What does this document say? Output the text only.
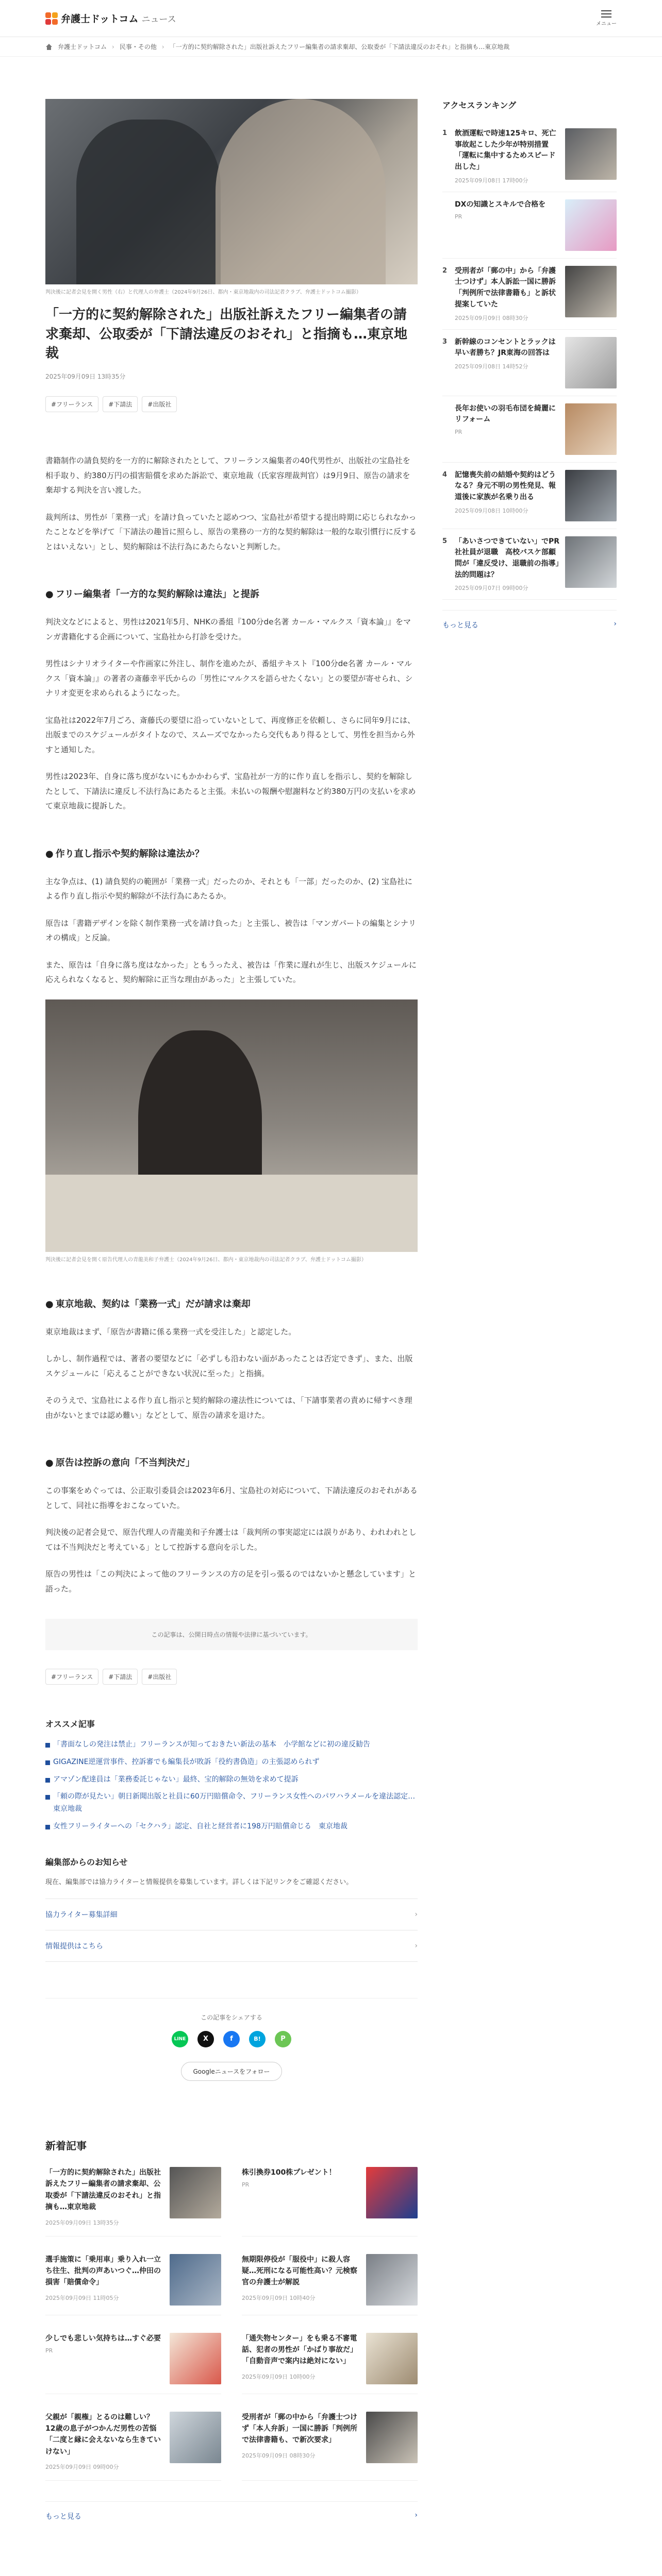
弁護士ドットコム ニュース	メニュー
弁護士ドットコム › 民事・その他 › 「一方的に契約解除された」出版社訴えたフリー編集者の請求棄却、公取委が「下請法違反のおそれ」と指摘も…東京地裁

判決後に記者会見を開く男性（右）と代理人の弁護士（2024年9月26日、都内・東京地裁内の司法記者クラブ、弁護士ドットコム撮影）

「一方的に契約解除された」出版社訴えたフリー編集者の請求棄却、公取委が「下請法違反のおそれ」と指摘も…東京地裁
2025年09月09日 13時35分
#フリーランス	#下請法	#出版社

書籍制作の請負契約を一方的に解除されたとして、フリーランス編集者の40代男性が、出版社の宝島社を相手取り、約380万円の損害賠償を求めた訴訟で、東京地裁（氏家容理裁判官）は9月9日、原告の請求を棄却する判決を言い渡した。

裁判所は、男性が「業務一式」を請け負っていたと認めつつ、宝島社が希望する提出時期に応じられなかったことなどを挙げて「下請法の趣旨に照らし、原告の業務の一方的な契約解除は一般的な取引慣行に反するとはいえない」とし、契約解除は不法行為にあたらないと判断した。

● フリー編集者「一方的な契約解除は違法」と提訴

判決文などによると、男性は2021年5月、NHKの番組『100分de名著 カール・マルクス「資本論」』をマンガ書籍化する企画について、宝島社から打診を受けた。

男性はシナリオライターや作画家に外注し、制作を進めたが、番組テキスト『100分de名著 カール・マルクス「資本論」』の著者の斎藤幸平氏からの「男性にマルクスを語らせたくない」との要望が寄せられ、シナリオ変更を求められるようになった。

宝島社は2022年7月ごろ、斎藤氏の要望に沿っていないとして、再度修正を依頼し、さらに同年9月には、出版までのスケジュールがタイトなので、スムーズでなかったら交代もあり得るとして、男性を担当から外すと通知した。

男性は2023年、自身に落ち度がないにもかかわらず、宝島社が一方的に作り直しを指示し、契約を解除したとして、下請法に違反し不法行為にあたると主張。未払いの報酬や慰謝料など約380万円の支払いを求めて東京地裁に提訴した。

● 作り直し指示や契約解除は違法か？

主な争点は、(1) 請負契約の範囲が「業務一式」だったのか、それとも「一部」だったのか、(2) 宝島社による作り直し指示や契約解除が不法行為にあたるか。

原告は「書籍デザインを除く制作業務一式を請け負った」と主張し、被告は「マンガパートの編集とシナリオの構成」と反論。

また、原告は「自身に落ち度はなかった」ともうったえ、被告は「作業に遅れが生じ、出版スケジュールに応えられなくなると、契約解除に正当な理由があった」と主張していた。

判決後に記者会見を開く原告代理人の青龍美和子弁護士（2024年9月26日、都内・東京地裁内の司法記者クラブ、弁護士ドットコム撮影）

● 東京地裁、契約は「業務一式」だが請求は棄却

東京地裁はまず、「原告が書籍に係る業務一式を受注した」と認定した。

しかし、制作過程では、著者の要望などに「必ずしも沿わない面があったことは否定できず」、また、出版スケジュールに「応えることができない状況に至った」と指摘。

そのうえで、宝島社による作り直し指示と契約解除の違法性については、「下請事業者の責めに帰すべき理由がないとまでは認め難い」などとして、原告の請求を退けた。

● 原告は控訴の意向「不当判決だ」

この事案をめぐっては、公正取引委員会は2023年6月、宝島社の対応について、下請法違反のおそれがあるとして、同社に指導をおこなっていた。

判決後の記者会見で、原告代理人の青龍美和子弁護士は「裁判所の事実認定には誤りがあり、われわれとしては不当判決だと考えている」として控訴する意向を示した。

原告の男性は「この判決によって他のフリーランスの方の足を引っ張るのではないかと懸念しています」と語った。

この記事は、公開日時点の情報や法律に基づいています。
#フリーランス	#下請法	#出版社
オススメ記事
「書面なしの発注は禁止」フリーランスが知っておきたい新法の基本　小学館などに初の違反勧告
GIGAZINE逆運営事件、控訴審でも編集長が敗訴「役約書偽造」の主張認められず
アマゾン配達員は「業務委託じゃない」最終、宝的解除の無効を求めて提訴
「頼の際が見たい」朝日新聞出版と社員に60万円賠償命令、フリーランス女性へのパワハラメールを違法認定…東京地裁
女性フリーライターへの「セクハラ」認定、自社と経営者に198万円賠償命じる　東京地裁
編集部からのお知らせ

現在、編集部では協力ライターと情報提供を募集しています。詳しくは下記リンクをご確認ください。

協力ライター募集詳細	›
情報提供はこちら	›
この記事をシェアする
LINE	X	f	B!	P
Googleニュースをフォロー
新着記事
「一方的に契約解除された」出版社訴えたフリー編集者の請求棄却、公取委が「下請法違反のおそれ」と指摘も…東京地裁
2025年09月09日 13時35分
株引換券100株プレゼント！
PR
選手施策に「乗用車」乗り入れ一立ち往生、批判の声あいつぐ…仲田の損害「賠償命令」
2025年09月09日 11時05分
無期限停役が「服役中」に殺人容疑…死刑になる可能性高い？元検察官の弁護士が解説
2025年09月09日 10時40分
少しでも悲しい気持ちは…すぐ必要
PR
「通失物センター」をも乗る不審電話、犯者の男性が「かばり事故だ」「自動音声で案内は絶対にない」
2025年09月09日 10時00分
父親が「親権」とるのは難しい？12歳の息子がつかんだ男性の苦悩「二度と縁に会えないなら生きていけない」
2025年09月09日 09時00分
受刑者が「郵の中から「弁護士つけず「本人弁訴」一国に勝訴「判例所で法律書籍も、で新次要求」
2025年09月09日 08時30分
もっと見る	›
アクセスランキング
1	飲酒運転で時速125キロ、死亡事故起こした少年が特別措置「運転に集中するためスピード出した」
2025年09月08日 17時00分
DXの知識とスキルで合格を
PR
2	受刑者が「郵の中」から「弁護士つけず」本人訴訟一国に勝訴「判例所で法律書籍も」と訴状提案していた
2025年09月09日 08時30分
3	新幹線のコンセントとラックは早い者勝ち？JR東海の回答は
2025年09月08日 14時52分
長年お使いの羽毛布団を綺麗にリフォーム
PR
4	記憶喪失前の結婚や契約はどうなる？身元不明の男性発見、報道後に家族が名乗り出る
2025年09月08日 10時00分
5	「あいさつできていない」でPR社社員が退職　高校バスケ部顧問が「違反受け、退職前の指導」法的問題は？
2025年09月07日 09時00分
もっと見る	›
